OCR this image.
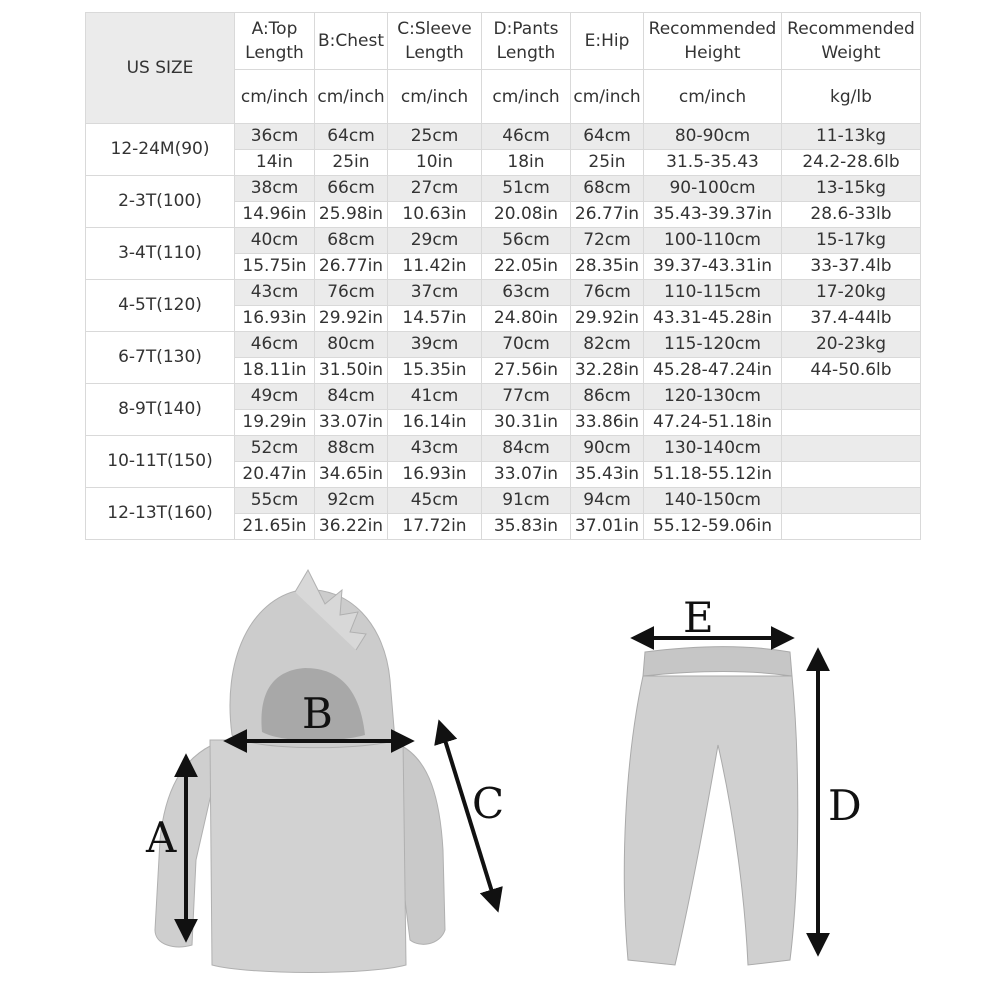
US SIZE	A:Top Length	B:Chest	C:Sleeve Length	D:Pants Length	E:Hip	Recommended Height	Recommended Weight
	cm/inch	cm/inch	cm/inch	cm/inch	cm/inch	cm/inch	kg/lb
12-24M(90)	36cm	64cm	25cm	46cm	64cm	80-90cm	11-13kg
	14in	25in	10in	18in	25in	31.5-35.43	24.2-28.6lb
2-3T(100)	38cm	66cm	27cm	51cm	68cm	90-100cm	13-15kg
	14.96in	25.98in	10.63in	20.08in	26.77in	35.43-39.37in	28.6-33lb
3-4T(110)	40cm	68cm	29cm	56cm	72cm	100-110cm	15-17kg
	15.75in	26.77in	11.42in	22.05in	28.35in	39.37-43.31in	33-37.4lb
4-5T(120)	43cm	76cm	37cm	63cm	76cm	110-115cm	17-20kg
	16.93in	29.92in	14.57in	24.80in	29.92in	43.31-45.28in	37.4-44lb
6-7T(130)	46cm	80cm	39cm	70cm	82cm	115-120cm	20-23kg
	18.11in	31.50in	15.35in	27.56in	32.28in	45.28-47.24in	44-50.6lb
8-9T(140)	49cm	84cm	41cm	77cm	86cm	120-130cm	
	19.29in	33.07in	16.14in	30.31in	33.86in	47.24-51.18in	
10-11T(150)	52cm	88cm	43cm	84cm	90cm	130-140cm	
	20.47in	34.65in	16.93in	33.07in	35.43in	51.18-55.12in	
12-13T(160)	55cm	92cm	45cm	91cm	94cm	140-150cm	
	21.65in	36.22in	17.72in	35.83in	37.01in	55.12-59.06in	
A
B
C	D
E
